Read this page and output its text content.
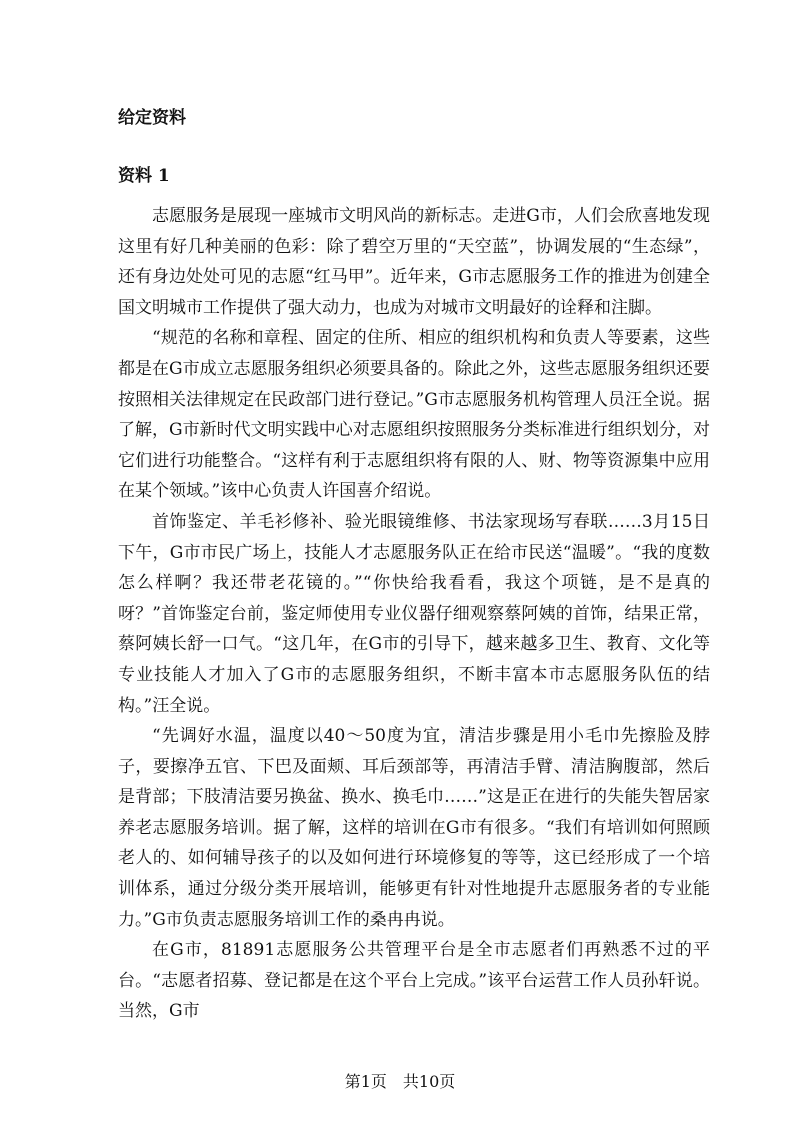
给定资料
资料 1

志愿服务是展现一座城市文明风尚的新标志。走进G市，人们会欣喜地发现这里有好几种美丽的色彩：除了碧空万里的“天空蓝”，协调发展的“生态绿”，还有身边处处可见的志愿“红马甲”。近年来，G市志愿服务工作的推进为创建全国文明城市工作提供了强大动力，也成为对城市文明最好的诠释和注脚。

“规范的名称和章程、固定的住所、相应的组织机构和负责人等要素，这些都是在G市成立志愿服务组织必须要具备的。除此之外，这些志愿服务组织还要按照相关法律规定在民政部门进行登记。”G市志愿服务机构管理人员汪全说。据了解，G市新时代文明实践中心对志愿组织按照服务分类标准进行组织划分，对它们进行功能整合。“这样有利于志愿组织将有限的人、财、物等资源集中应用在某个领域。”该中心负责人许国喜介绍说。

首饰鉴定、羊毛衫修补、验光眼镜维修、书法家现场写春联……3月15日下午，G市市民广场上，技能人才志愿服务队正在给市民送“温暖”。“我的度数怎么样啊？我还带老花镜的。”“你快给我看看，我这个项链，是不是真的呀？”首饰鉴定台前，鉴定师使用专业仪器仔细观察蔡阿姨的首饰，结果正常，蔡阿姨长舒一口气。“这几年，在G市的引导下，越来越多卫生、教育、文化等专业技能人才加入了G市的志愿服务组织，不断丰富本市志愿服务队伍的结构。”汪全说。

“先调好水温，温度以40～50度为宜，清洁步骤是用小毛巾先擦脸及脖子，要擦净五官、下巴及面颊、耳后颈部等，再清洁手臂、清洁胸腹部，然后是背部；下肢清洁要另换盆、换水、换毛巾……”这是正在进行的失能失智居家养老志愿服务培训。据了解，这样的培训在G市有很多。“我们有培训如何照顾老人的、如何辅导孩子的以及如何进行环境修复的等等，这已经形成了一个培训体系，通过分级分类开展培训，能够更有针对性地提升志愿服务者的专业能力。”G市负责志愿服务培训工作的桑冉冉说。

在G市，81891志愿服务公共管理平台是全市志愿者们再熟悉不过的平台。“志愿者招募、登记都是在这个平台上完成。”该平台运营工作人员孙轩说。当然，G市

第1页　共10页
